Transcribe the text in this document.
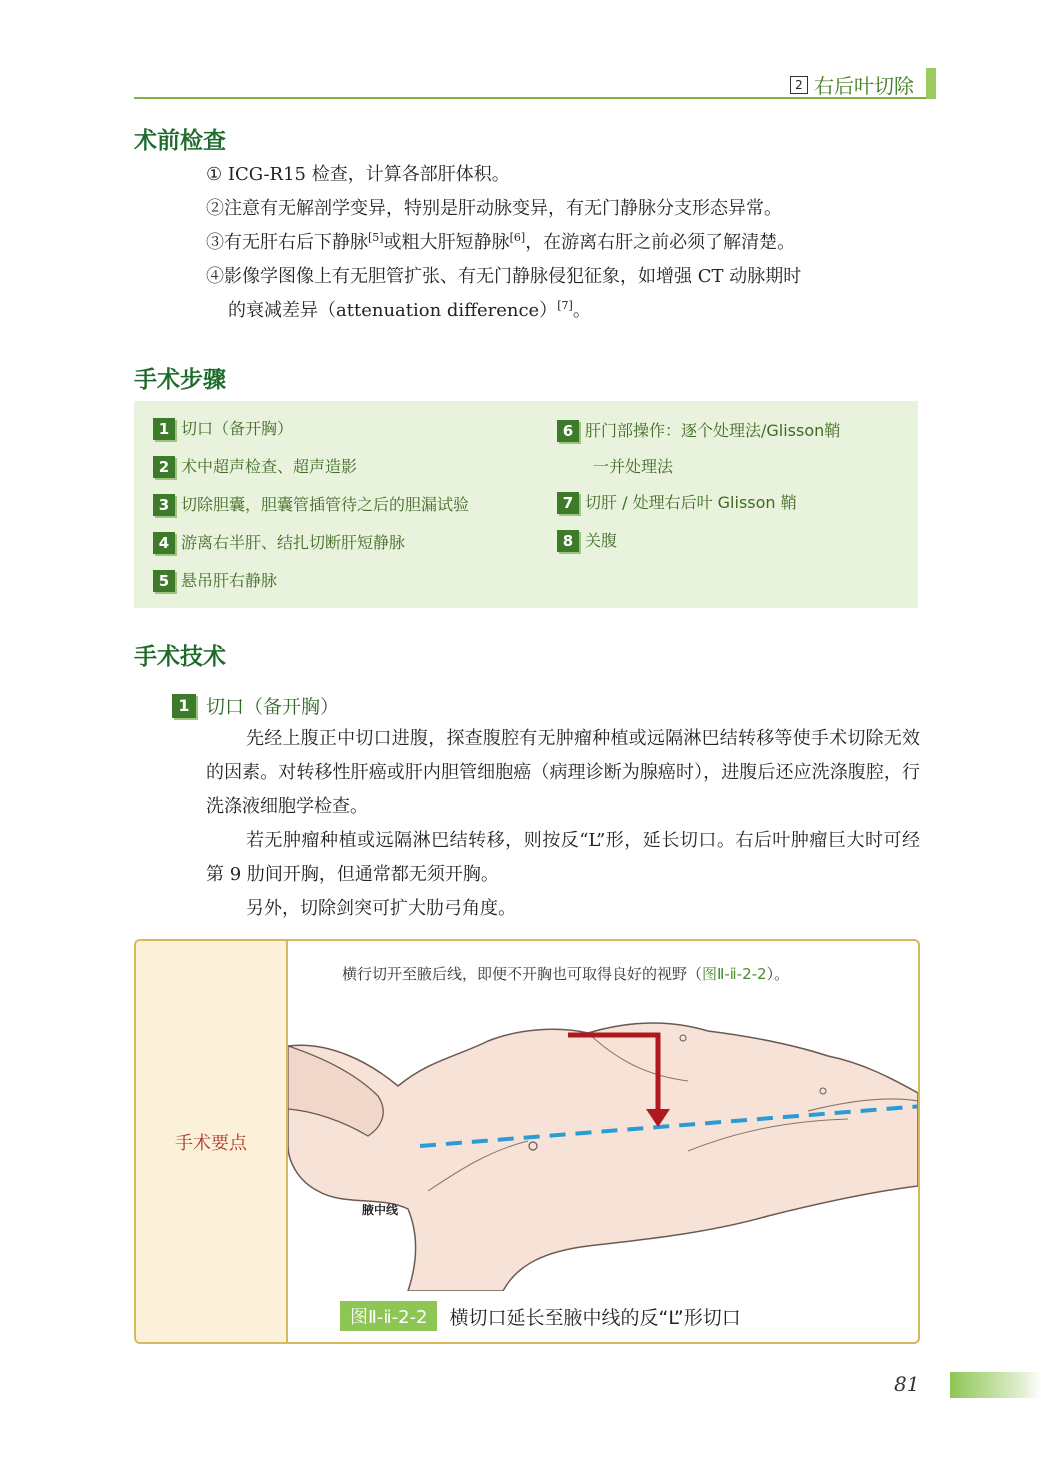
2 右后叶切除
术前检查

① ICG-R15 检查，计算各部肝体积。

②注意有无解剖学变异，特别是肝动脉变异，有无门静脉分支形态异常。

③有无肝右后下静脉[5]或粗大肝短静脉[6]，在游离右肝之前必须了解清楚。

④影像学图像上有无胆管扩张、有无门静脉侵犯征象，如增强 CT 动脉期时

的衰减差异（attenuation difference）[7]。

手术步骤
1 切口（备开胸）
2 术中超声检查、超声造影
3 切除胆囊，胆囊管插管待之后的胆漏试验
4 游离右半肝、结扎切断肝短静脉
5 悬吊肝右静脉
6 肝门部操作：逐个处理法/Glisson鞘
一并处理法
7 切肝 / 处理右后叶 Glisson 鞘
8 关腹
手术技术
1 切口（备开胸）

先经上腹正中切口进腹，探查腹腔有无肿瘤种植或远隔淋巴结转移等使手术切除无效的因素。对转移性肝癌或肝内胆管细胞癌（病理诊断为腺癌时），进腹后还应洗涤腹腔，行洗涤液细胞学检查。

若无肿瘤种植或远隔淋巴结转移，则按反“L”形，延长切口。右后叶肿瘤巨大时可经第 9 肋间开胸，但通常都无须开胸。

另外，切除剑突可扩大肋弓角度。

手术要点
横行切开至腋后线，即便不开胸也可取得良好的视野（图Ⅱ-ⅱ-2-2）。
腋中线
图Ⅱ-ⅱ-2-2	横切口延长至腋中线的反“L”形切口
81
